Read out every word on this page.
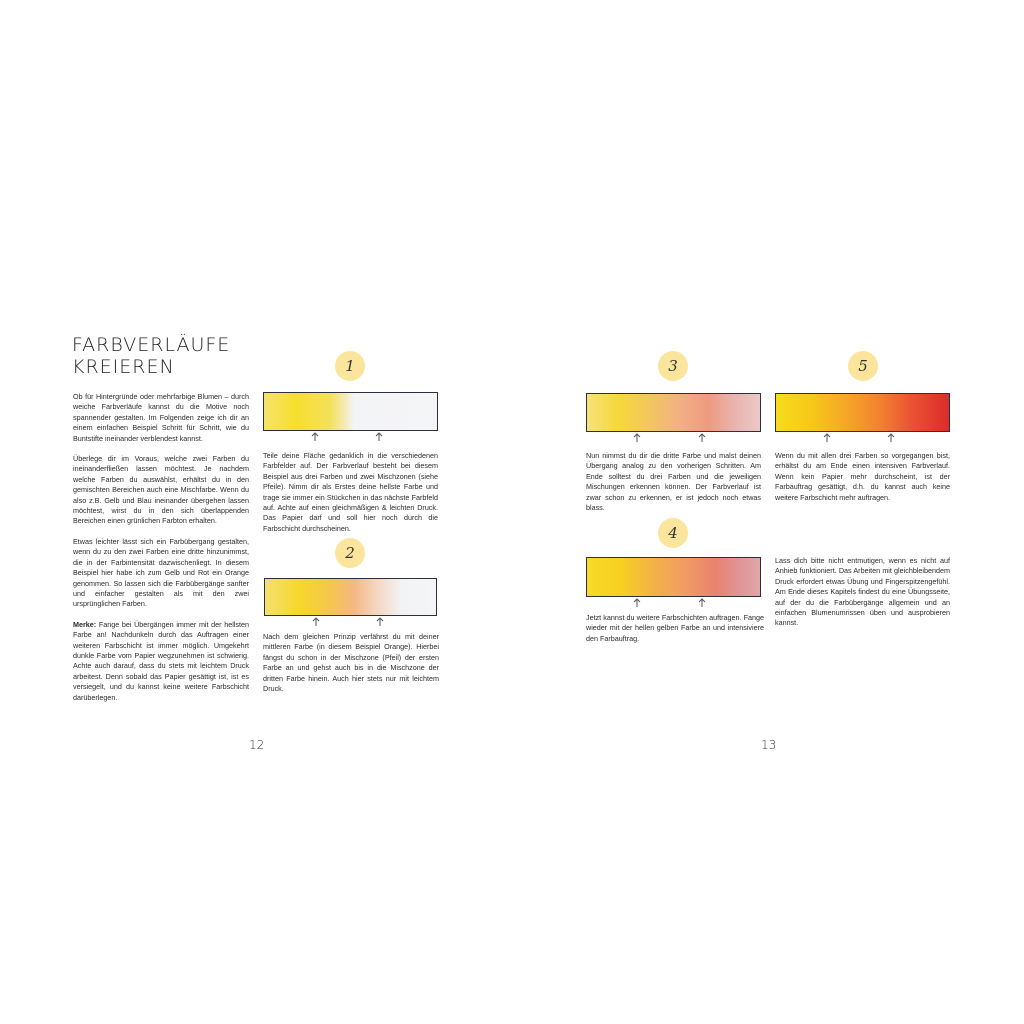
FARBVERLÄUFE
KREIEREN

Ob für Hintergründe oder mehrfarbige Blumen – durch weiche Farbverläufe kannst du die Motive noch spannender gestalten. Im Folgenden zeige ich dir an einem einfachen Beispiel Schritt für Schritt, wie du Buntstifte ineinander verblendest kannst.

Überlege dir im Voraus, welche zwei Farben du ineinanderfließen lassen möchtest. Je nachdem welche Farben du auswählst, erhältst du in den gemischten Bereichen auch eine Mischfarbe. Wenn du also z.B. Gelb und Blau ineinander übergehen lassen möchtest, wirst du in den sich überlappenden Bereichen einen grünlichen Farbton erhalten.

Etwas leichter lässt sich ein Farbübergang gestalten, wenn du zu den zwei Farben eine dritte hinzunimmst, die in der Farbintensität dazwischenliegt. In diesem Beispiel hier habe ich zum Gelb und Rot ein Orange genommen. So lassen sich die Farbübergänge sanfter und einfacher gestalten als mit den zwei ursprünglichen Farben.

Merke: Fange bei Übergängen immer mit der hellsten Farbe an! Nachdunkeln durch das Auftragen einer weiteren Farbschicht ist immer möglich. Umgekehrt dunkle Farbe vom Papier wegzunehmen ist schwierig. Achte auch darauf, dass du stets mit leichtem Druck arbeitest. Denn sobald das Papier gesättigt ist, ist es versiegelt, und du kannst keine weitere Farbschicht darüberlegen.

1

Teile deine Fläche gedanklich in die verschiedenen Farbfelder auf. Der Farbverlauf besteht bei diesem Beispiel aus drei Farben und zwei Mischzonen (siehe Pfeile). Nimm dir als Erstes deine hellste Farbe und trage sie immer ein Stückchen in das nächste Farbfeld auf. Achte auf einen gleichmäßigen & leichten Druck. Das Papier darf und soll hier noch durch die Farbschicht durchscheinen.

2

Nach dem gleichen Prinzip verfährst du mit deiner mittleren Farbe (in diesem Beispiel Orange). Hierbei fängst du schon in der Mischzone (Pfeil) der ersten Farbe an und gehst auch bis in die Mischzone der dritten Farbe hinein. Auch hier stets nur mit leichtem Druck.

3

Nun nimmst du dir die dritte Farbe und malst deinen Übergang analog zu den vorherigen Schritten. Am Ende solltest du drei Farben und die jeweiligen Mischungen erkennen können. Der Farbverlauf ist zwar schon zu erkennen, er ist jedoch noch etwas blass.

5

Wenn du mit allen drei Farben so vorgegangen bist, erhältst du am Ende einen intensiven Farbverlauf. Wenn kein Papier mehr durchscheint, ist der Farbauftrag gesättigt, d.h. du kannst auch keine weitere Farbschicht mehr auftragen.

4

Jetzt kannst du weitere Farbschichten auftragen. Fange wieder mit der hellen gelben Farbe an und intensiviere den Farbauftrag.

Lass dich bitte nicht entmutigen, wenn es nicht auf Anhieb funktioniert. Das Arbeiten mit gleichbleibendem Druck erfordert etwas Übung und Fingerspitzengefühl. Am Ende dieses Kapitels findest du eine Übungsseite, auf der du die Farbübergänge allgemein und an einfachen Blumenumrissen üben und ausprobieren kannst.

12	13
